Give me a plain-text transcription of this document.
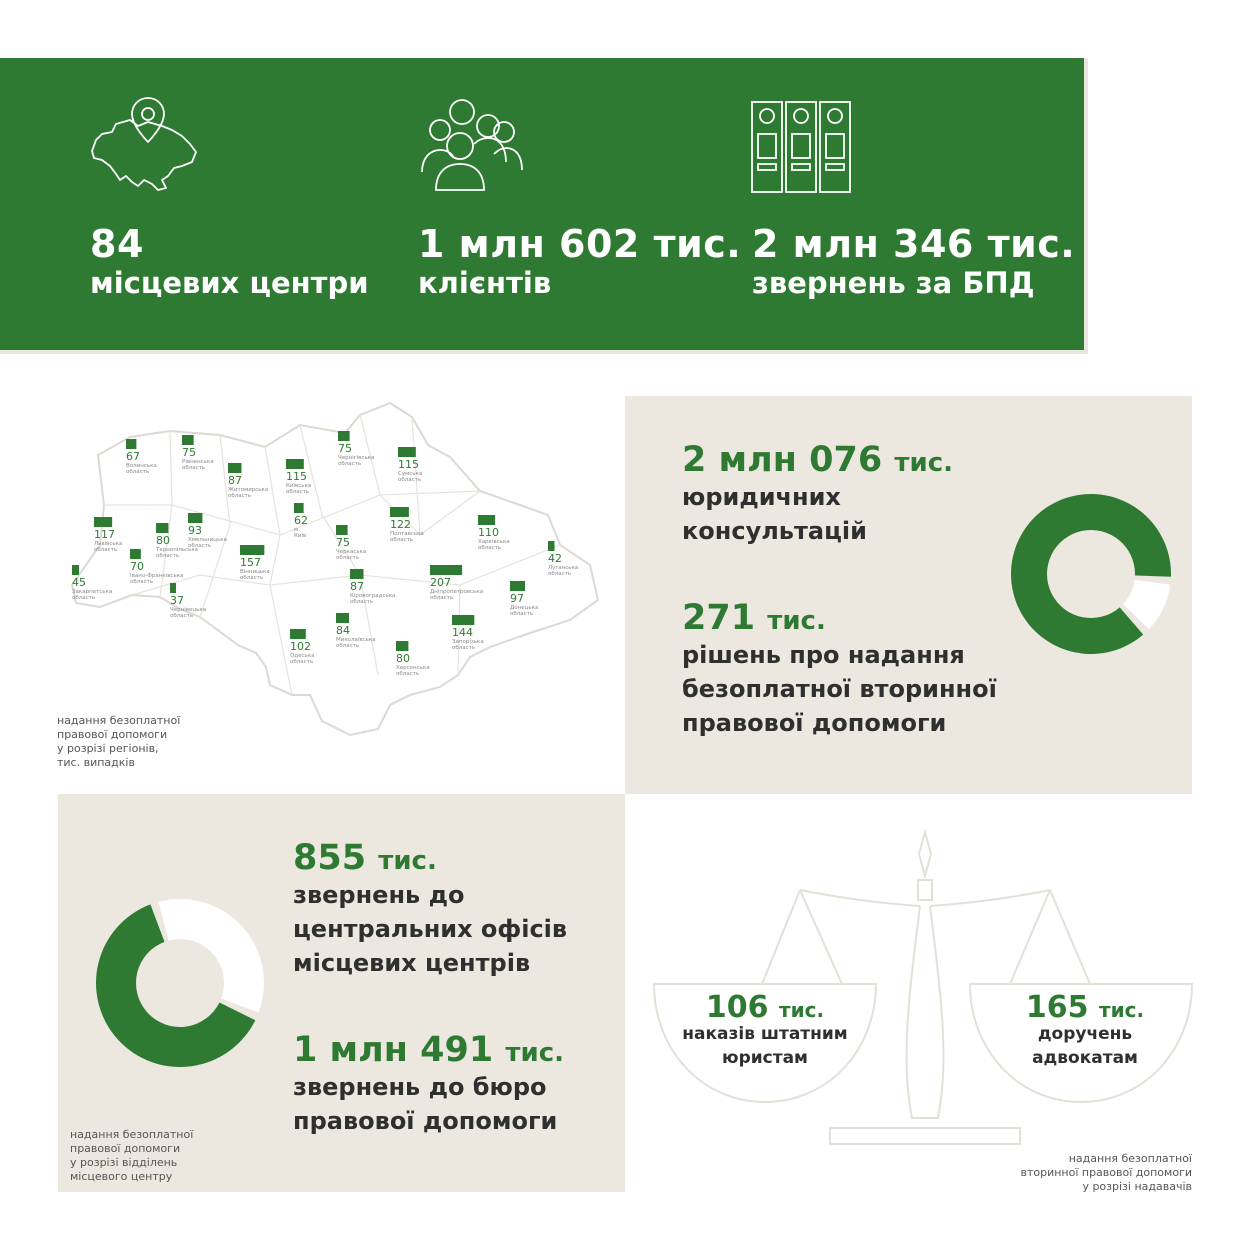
84
місцевих центри
1 млн 602 тис.
клієнтів
2 млн 346 тис.
звернень за БПД
67
Волинська
область
75
Рівненська
область
87
Житомирська
область
115
Київська
область
75
Чернігівська
область	115
Сумська
область
117
Львівська
область
80
Тернопільська
область
93
Хмельницька
область
62
м.
Київ
122
Полтавська
область
110
Харківська
область
42
Луганська
область
45
Закарпатська
область
70
Івано-Франківська
область
37
Чернівецька
область
157
Вінницька
область
75
Черкаська
область
87
Кіровоградська
область
207
Дніпропетровська
область	97
Донецька
область
102
Одеська
область
84
Миколаївська
область
80
Херсонська
область
144
Запорізька
область
надання безоплатної
правової допомоги
у розрізі регіонів,
тис. випадків
2 млн 076 тис.
юридичних
консультацій
271 тис.
рішень про надання
безоплатної вторинної
правової допомоги
855 тис.
звернень до
центральних офісів
місцевих центрів
1 млн 491 тис.
звернень до бюро
правової допомоги
надання безоплатної
правової допомоги
у розрізі відділень
місцевого центру
106 тис.
наказів штатним
юристам
165 тис.
доручень
адвокатам
надання безоплатної
вторинної правової допомоги
у розрізі надавачів
